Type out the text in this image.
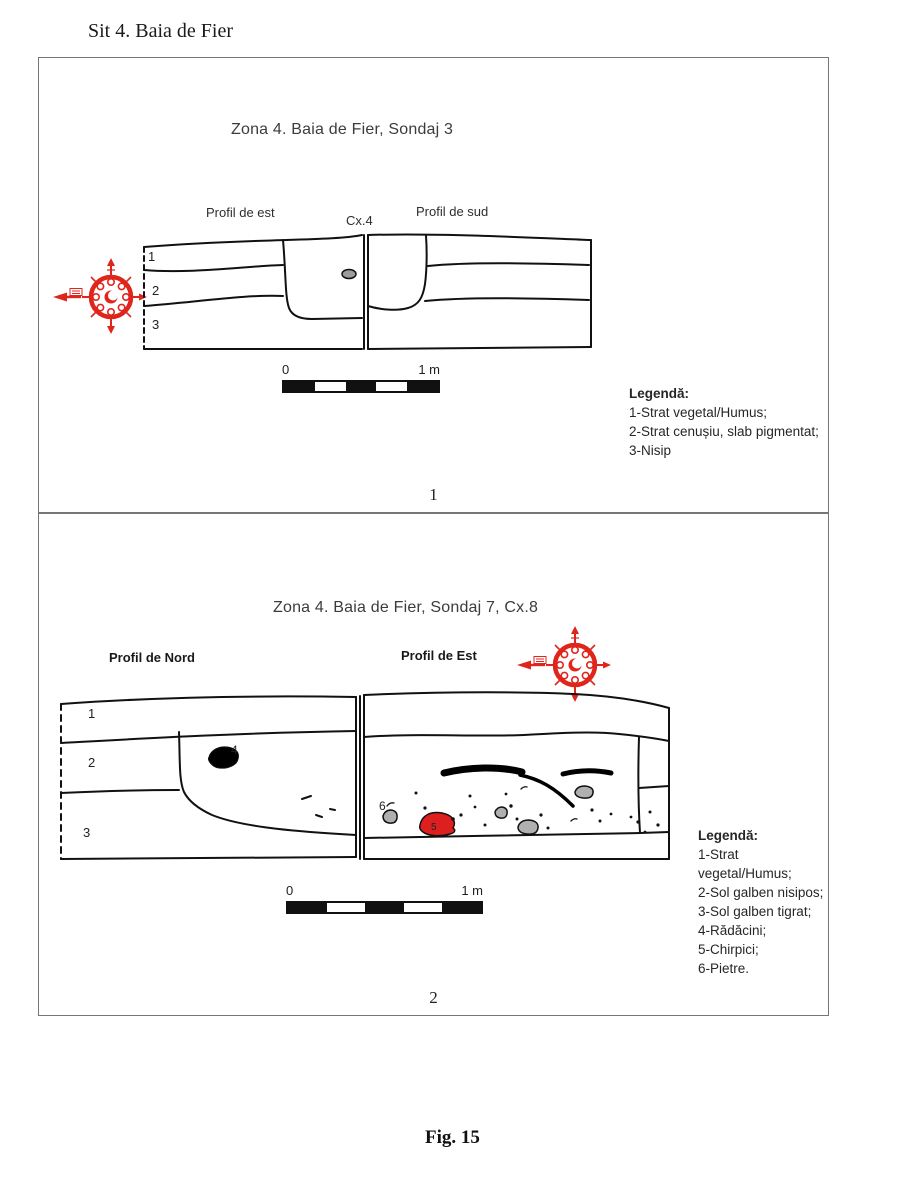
Sit 4. Baia de Fier
Zona 4. Baia de Fier, Sondaj 3
Profil de est
Cx.4
Profil de sud
1
2
3
0	1 m
Legendă:
1-Strat vegetal/Humus;
2-Strat cenușiu, slab pigmentat;
3-Nisip
1
Zona 4. Baia de Fier, Sondaj 7, Cx.8
Profil de Nord	Profil de Est
1
2
3
4
5
6
0	1 m
Legendă:
1-Strat vegetal/Humus;
2-Sol galben nisipos;
3-Sol galben tigrat;
4-Rădăcini;
5-Chirpici;
6-Pietre.
2
Fig. 15
